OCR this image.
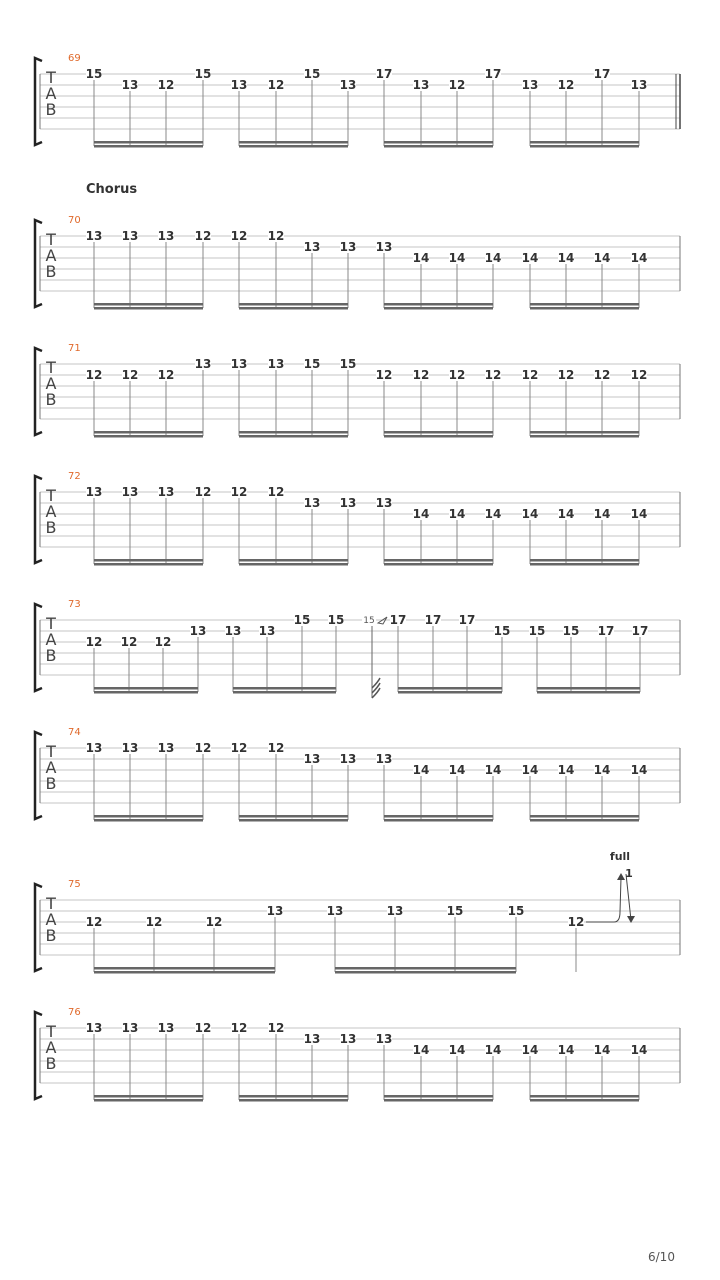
Chorus
T
A
B
69
15
13 12
15
13 12
15
13
17
13 12
17
13 12
17
13
T
A
B
70
13 13 13 12 12 12
13 13 13
14 14 14 14 14 14 14
T
A
B
71
12 12 12
13 13 13 15 15
12 12 12 12 12 12 12 12
T
A
B
72
13 13 13 12 12 12
13 13 13
14 14 14 14 14 14 14
T
A
B
73
12 12 12
13 13 13
15 15	17 17 17
15 15 15 17 17
15
T
A
B
74
13 13 13 12 12 12
13 13 13
14 14 14 14 14 14 14
T
A
B
75
12	12	12
13	13	13	15	15
12
1
full
T
A
B
76
13 13 13 12 12 12
13 13 13
14 14 14 14 14 14 14
6/10
